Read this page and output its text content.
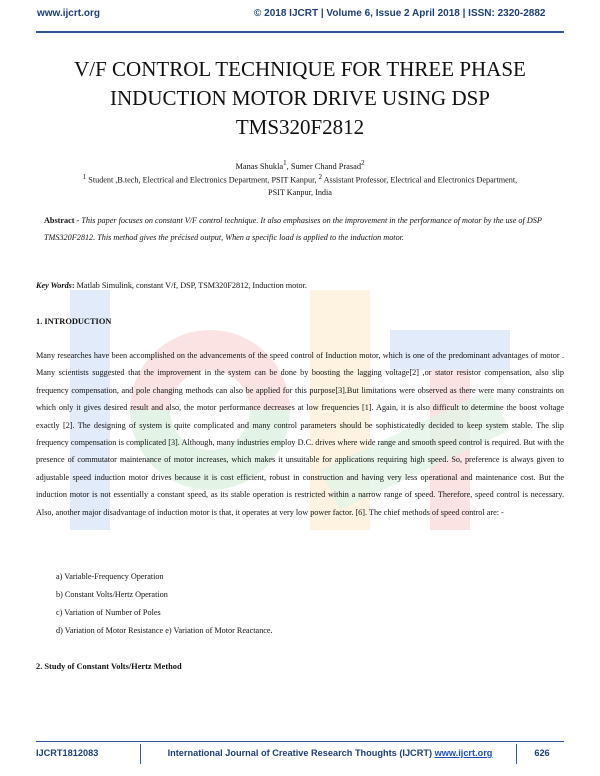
www.ijcrt.org	© 2018 IJCRT | Volume 6, Issue 2 April 2018 | ISSN: 2320-2882
V/F CONTROL TECHNIQUE FOR THREE PHASE
INDUCTION MOTOR DRIVE USING DSP
TMS320F2812
Manas Shukla$^1$, Sumer Chand Prasad$^2$
$^1$ Student ,B.tech, Electrical and Electronics Department, PSIT Kanpur, $^2$ Assistant Professor, Electrical and Electronics Department,
PSIT Kanpur, India
Abstract - This paper focuses on constant V/F control technique. It also emphasises on the improvement in the performance of motor by the use of DSP TMS320F2812. This method gives the précised output, When a specific load is applied to the induction motor.
Key Words: Matlab Simulink, constant V/f, DSP, TSM320F2812, Induction motor.
1. INTRODUCTION
Many researches have been accomplished on the advancements of the speed control of Induction motor, which is one of the predominant advantages of motor . Many scientists suggested that the improvement in the system can be done by boosting the lagging voltage[2] ,or stator resistor compensation, also slip frequency compensation, and pole changing methods can also be applied for this purpose[3].But limitations were observed as there were many constraints on which only it gives desired result and also, the motor performance decreases at low frequencies [1]. Again, it is also difficult to determine the boost voltage exactly [2]. The designing of system is quite complicated and many control parameters should be sophisticatedly decided to keep system stable. The slip frequency compensation is complicated [3]. Although, many industries employ D.C. drives where wide range and smooth speed control is required. But with the presence of commutator maintenance of motor increases, which makes it unsuitable for applications requiring high speed. So, preference is always given to adjustable speed induction motor drives because it is cost efficient, robust in construction and having very less operational and maintenance cost. But the induction motor is not essentially a constant speed, as its stable operation is restricted within a narrow range of speed. Therefore, speed control is necessary. Also, another major disadvantage of induction motor is that, it operates at very low power factor. [6]. The chief methods of speed control are: -
a) Variable-Frequency Operation
b) Constant Volts/Hertz Operation
c) Variation of Number of Poles
d) Variation of Motor Resistance e) Variation of Motor Reactance.
2. Study of Constant Volts/Hertz Method
IJCRT1812083	International Journal of Creative Research Thoughts (IJCRT) www.ijcrt.org	626
